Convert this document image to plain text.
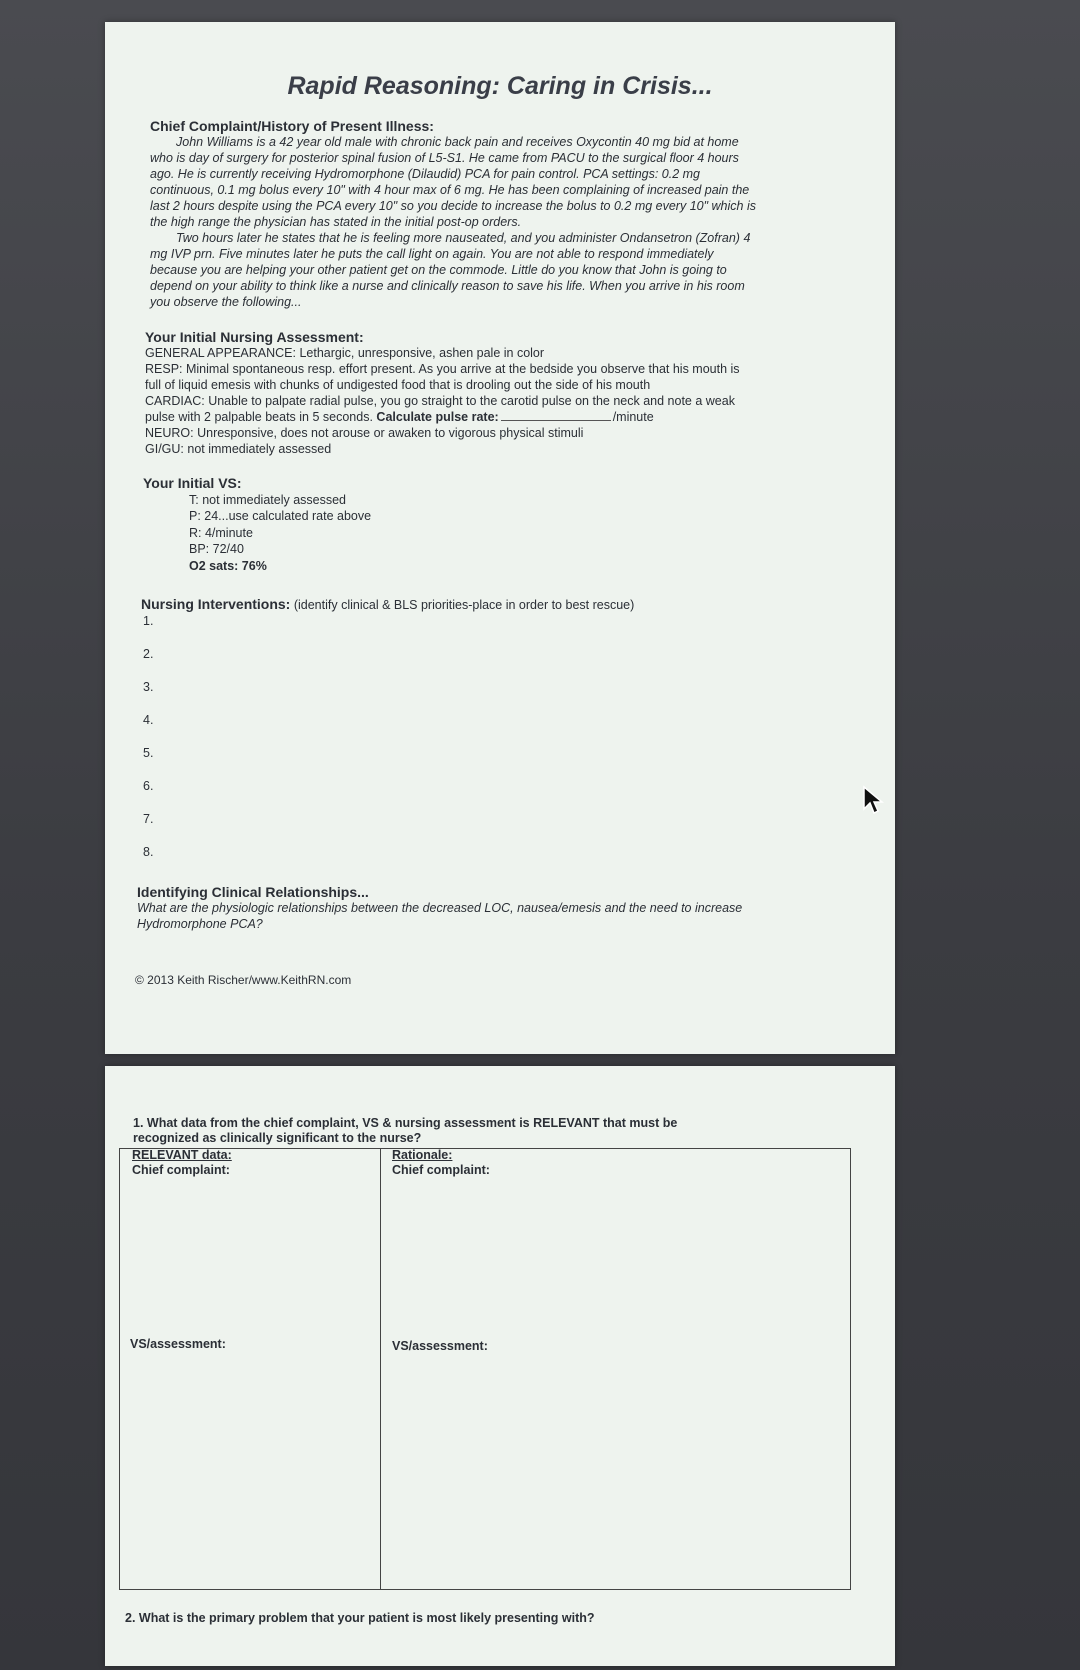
Rapid Reasoning: Caring in Crisis...
Chief Complaint/History of Present Illness:
John Williams is a 42 year old male with chronic back pain and receives Oxycontin 40 mg bid at home
who is day of surgery for posterior spinal fusion of L5-S1. He came from PACU to the surgical floor 4 hours
ago. He is currently receiving Hydromorphone (Dilaudid) PCA for pain control. PCA settings: 0.2 mg
continuous, 0.1 mg bolus every 10" with 4 hour max of 6 mg. He has been complaining of increased pain the
last 2 hours despite using the PCA every 10" so you decide to increase the bolus to 0.2 mg every 10" which is
the high range the physician has stated in the initial post-op orders.
Two hours later he states that he is feeling more nauseated, and you administer Ondansetron (Zofran) 4
mg IVP prn. Five minutes later he puts the call light on again. You are not able to respond immediately
because you are helping your other patient get on the commode. Little do you know that John is going to
depend on your ability to think like a nurse and clinically reason to save his life. When you arrive in his room
you observe the following...
Your Initial Nursing Assessment:
GENERAL APPEARANCE: Lethargic, unresponsive, ashen pale in color
RESP: Minimal spontaneous resp. effort present. As you arrive at the bedside you observe that his mouth is
full of liquid emesis with chunks of undigested food that is drooling out the side of his mouth
CARDIAC: Unable to palpate radial pulse, you go straight to the carotid pulse on the neck and note a weak
pulse with 2 palpable beats in 5 seconds. Calculate pulse rate:	/minute
NEURO: Unresponsive, does not arouse or awaken to vigorous physical stimuli
GI/GU: not immediately assessed
Your Initial VS:
T: not immediately assessed
P: 24...use calculated rate above
R: 4/minute
BP: 72/40
O2 sats: 76%
Nursing Interventions: (identify clinical & BLS priorities-place in order to best rescue)
1.
2.
3.
4.
5.
6.
7.
8.
Identifying Clinical Relationships...
What are the physiologic relationships between the decreased LOC, nausea/emesis and the need to increase
Hydromorphone PCA?
© 2013 Keith Rischer/www.KeithRN.com
1. What data from the chief complaint, VS & nursing assessment is RELEVANT that must be
recognized as clinically significant to the nurse?
RELEVANT data:	Rationale:
Chief complaint:	Chief complaint:
VS/assessment:	VS/assessment:
2. What is the primary problem that your patient is most likely presenting with?
